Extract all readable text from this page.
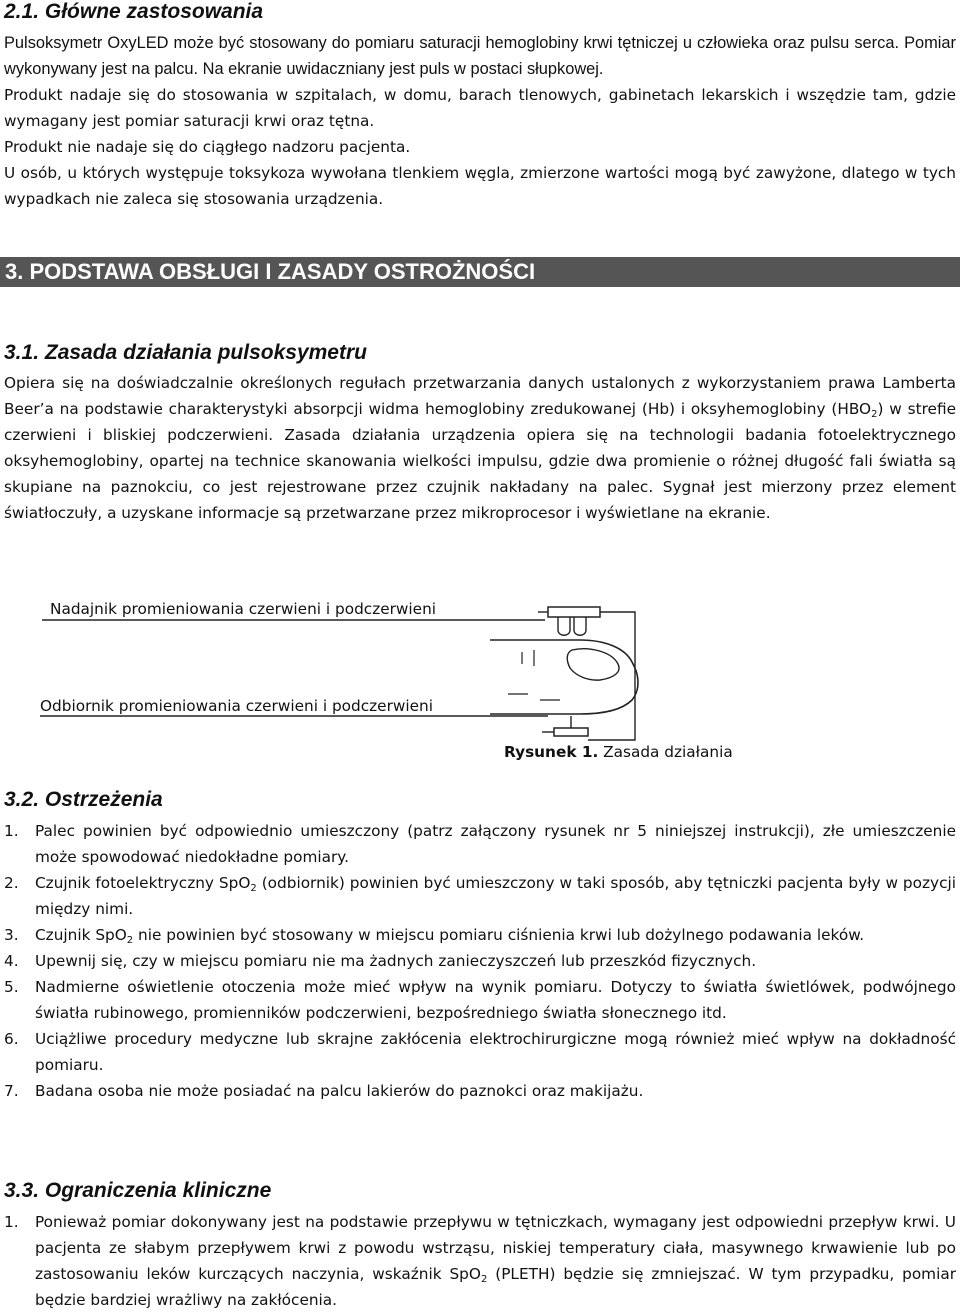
2.1. Główne zastosowania

Pulsoksymetr OxyLED może być stosowany do pomiaru saturacji hemoglobiny krwi tętniczej u człowieka oraz pulsu serca. Pomiar wykonywany jest na palcu. Na ekranie uwidaczniany jest puls w postaci słupkowej.

Produkt nadaje się do stosowania w szpitalach, w domu, barach tlenowych, gabinetach lekarskich i wszędzie tam, gdzie wymagany jest pomiar saturacji krwi oraz tętna.

Produkt nie nadaje się do ciągłego nadzoru pacjenta.

U osób, u których występuje toksykoza wywołana tlenkiem węgla, zmierzone wartości mogą być zawyżone, dlatego w tych wypadkach nie zaleca się stosowania urządzenia.

3. PODSTAWA OBSŁUGI I ZASADY OSTROŻNOŚCI
3.1. Zasada działania pulsoksymetru

Opiera się na doświadczalnie określonych regułach przetwarzania danych ustalonych z wykorzystaniem prawa Lamberta Beer’a na podstawie charakterystyki absorpcji widma hemoglobiny zredukowanej (Hb) i oksyhemoglobiny $(HBO_2)$ w strefie czerwieni i bliskiej podczerwieni. Zasada działania urządzenia opiera się na technologii badania fotoelektrycznego oksyhemoglobiny, opartej na technice skanowania wielkości impulsu, gdzie dwa promienie o różnej długość fali światła są skupiane na paznokciu, co jest rejestrowane przez czujnik nakładany na palec. Sygnał jest mierzony przez element światłoczuły, a uzyskane informacje są przetwarzane przez mikroprocesor i wyświetlane na ekranie.

Nadajnik promieniowania czerwieni i podczerwieni
Odbiornik promieniowania czerwieni i podczerwieni
Rysunek 1. Zasada działania
3.2. Ostrzeżenia
1. Palec powinien być odpowiednio umieszczony (patrz załączony rysunek nr 5 niniejszej instrukcji), złe umieszczenie może spowodować niedokładne pomiary.
2. Czujnik fotoelektryczny SpO$_2$ (odbiornik) powinien być umieszczony w taki sposób, aby tętniczki pacjenta były w pozycji między nimi.
3. Czujnik SpO$_2$ nie powinien być stosowany w miejscu pomiaru ciśnienia krwi lub dożylnego podawania leków.
4. Upewnij się, czy w miejscu pomiaru nie ma żadnych zanieczyszczeń lub przeszkód fizycznych.
5. Nadmierne oświetlenie otoczenia może mieć wpływ na wynik pomiaru. Dotyczy to światła świetlówek, podwójnego światła rubinowego, promienników podczerwieni, bezpośredniego światła słonecznego itd.
6. Uciążliwe procedury medyczne lub skrajne zakłócenia elektrochirurgiczne mogą również mieć wpływ na dokładność pomiaru.
7. Badana osoba nie może posiadać na palcu lakierów do paznokci oraz makijażu.
3.3. Ograniczenia kliniczne
1. Ponieważ pomiar dokonywany jest na podstawie przepływu w tętniczkach, wymagany jest odpowiedni przepływ krwi. U pacjenta ze słabym przepływem krwi z powodu wstrząsu, niskiej temperatury ciała, masywnego krwawienie lub po zastosowaniu leków kurczących naczynia, wskaźnik SpO$_2$ (PLETH) będzie się zmniejszać. W tym przypadku, pomiar będzie bardziej wrażliwy na zakłócenia.
